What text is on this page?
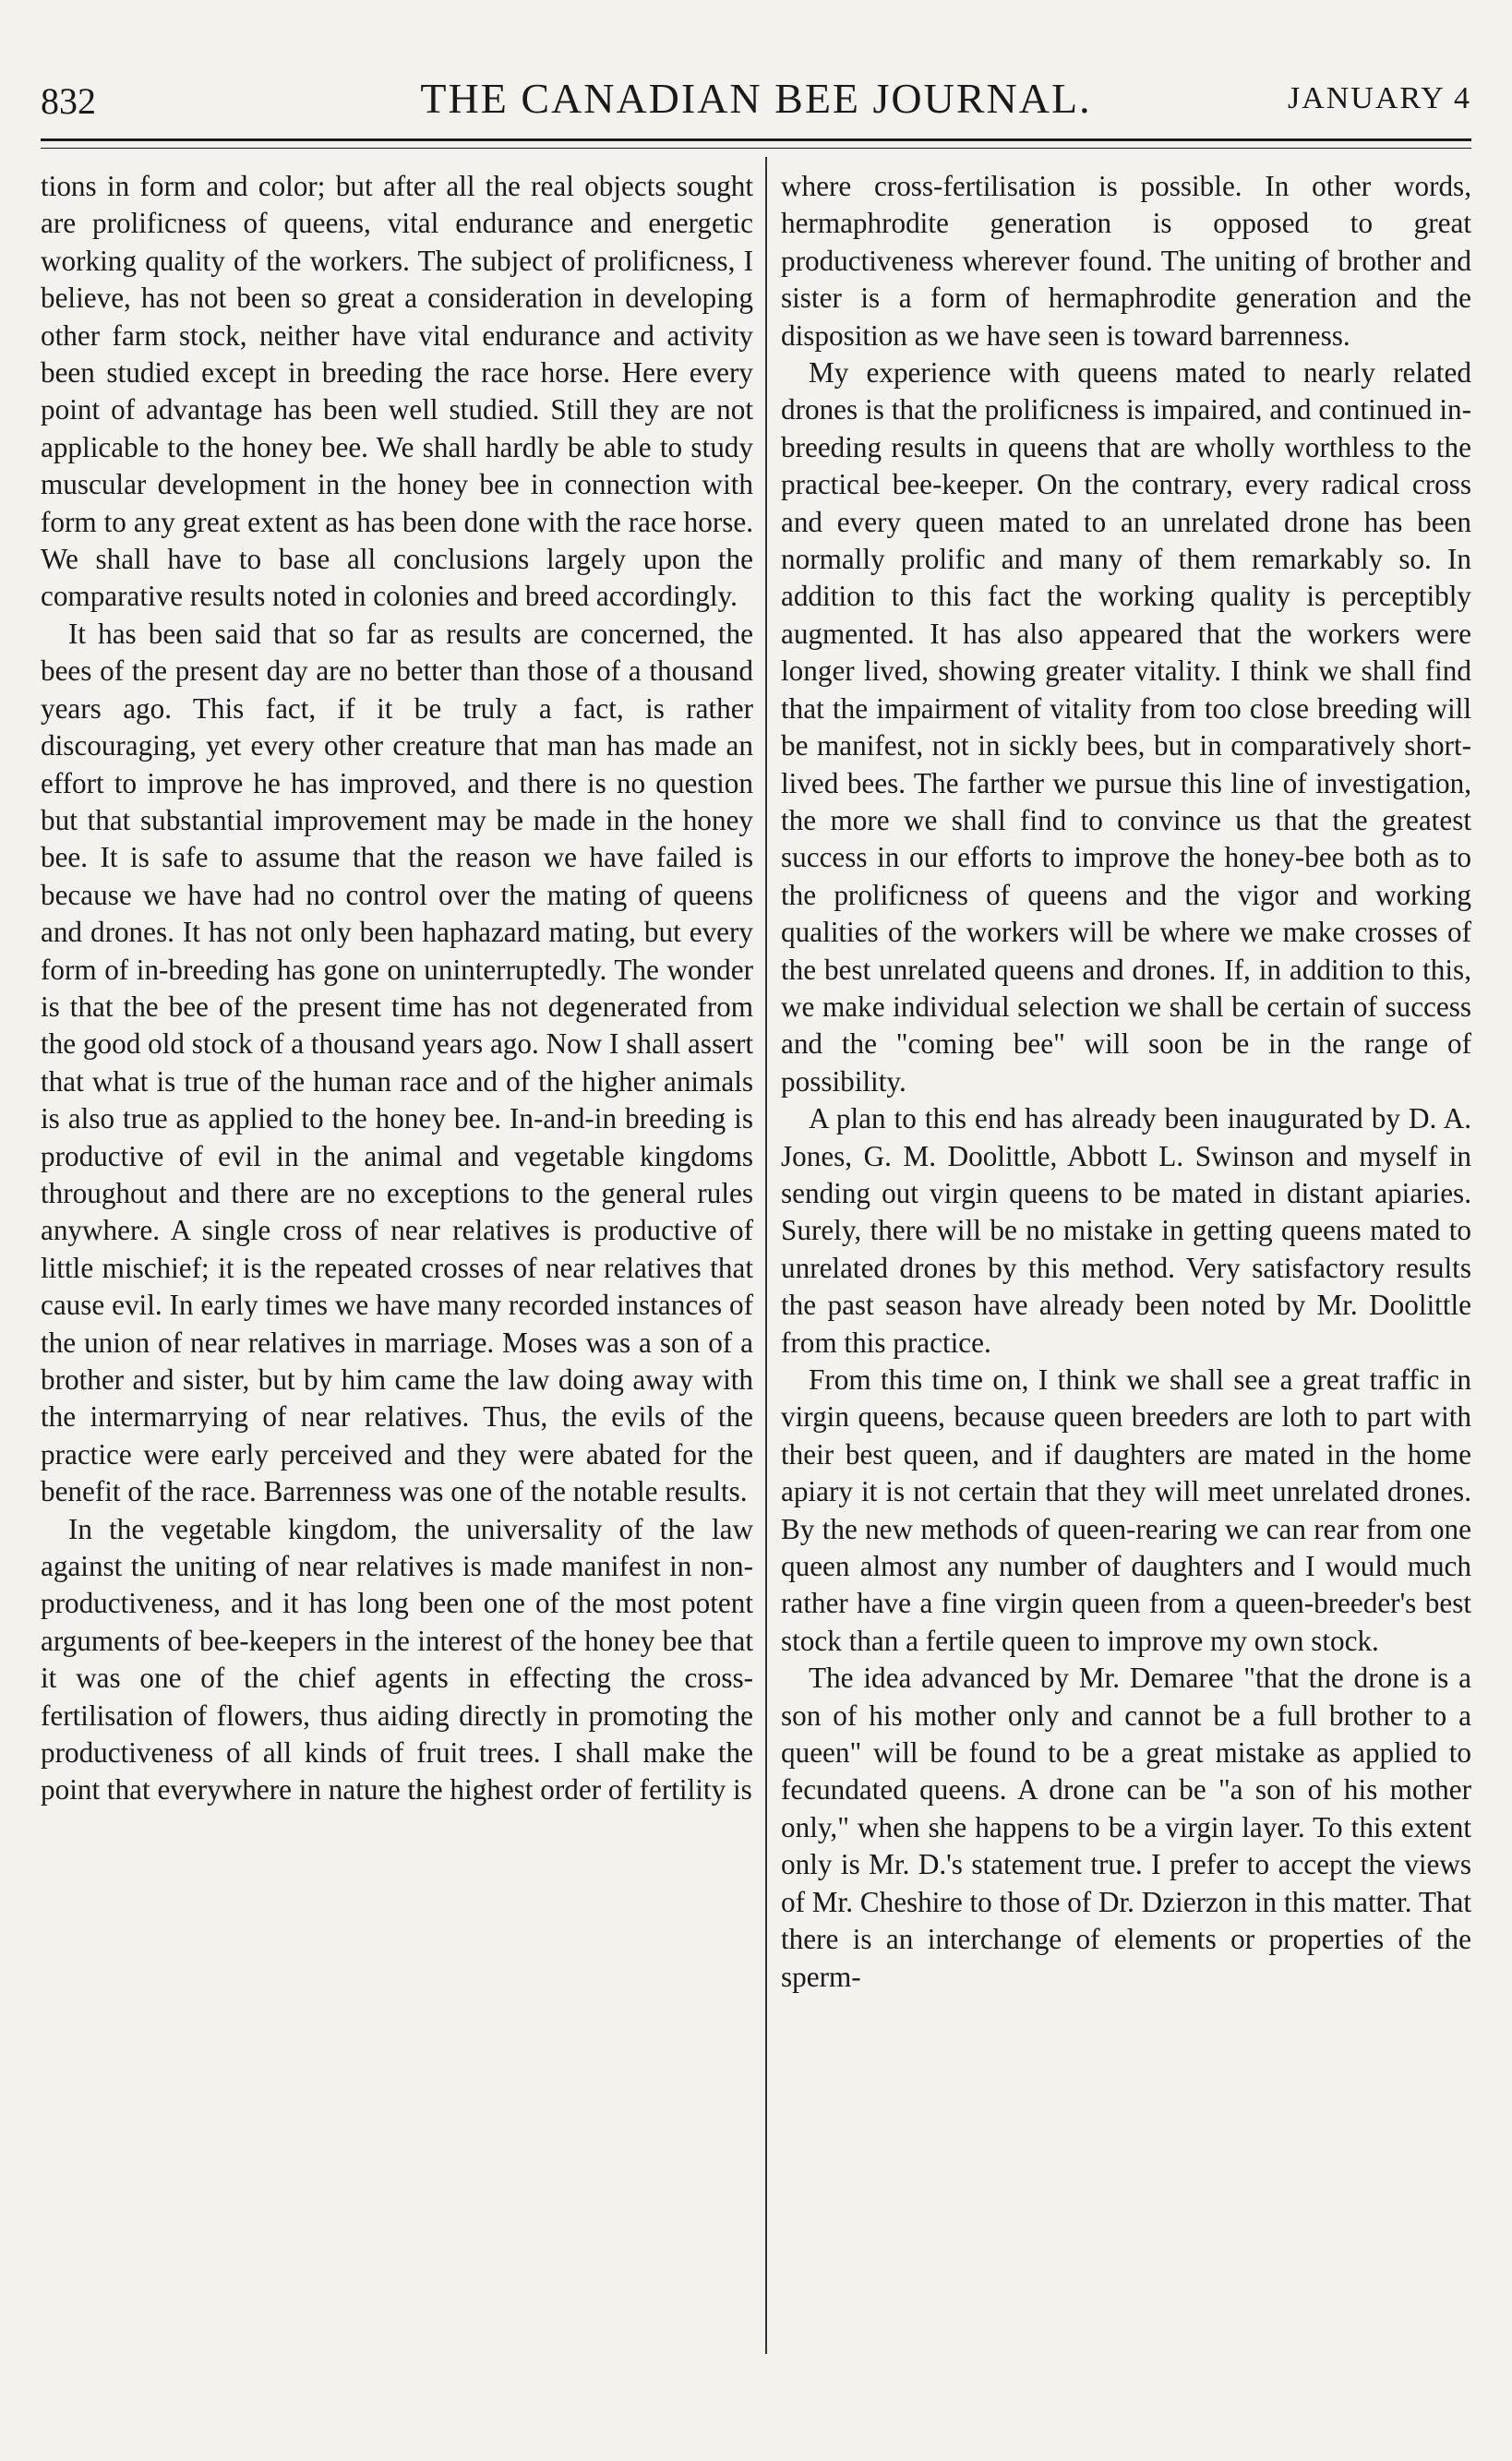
832	THE CANADIAN BEE JOURNAL.	JANUARY 4

tions in form and color; but after all the real objects sought are prolificness of queens, vital endurance and energetic working quality of the workers. The subject of prolificness, I believe, has not been so great a consideration in developing other farm stock, neither have vital endurance and activity been studied except in breeding the race horse. Here every point of advantage has been well studied. Still they are not applicable to the honey bee. We shall hardly be able to study muscular development in the honey bee in connection with form to any great extent as has been done with the race horse. We shall have to base all conclusions largely upon the comparative results noted in colonies and breed accordingly.

It has been said that so far as results are concerned, the bees of the present day are no better than those of a thousand years ago. This fact, if it be truly a fact, is rather discouraging, yet every other creature that man has made an effort to improve he has improved, and there is no question but that substantial improvement may be made in the honey bee. It is safe to assume that the reason we have failed is because we have had no control over the mating of queens and drones. It has not only been haphazard mating, but every form of in-breeding has gone on uninterruptedly. The wonder is that the bee of the present time has not degenerated from the good old stock of a thousand years ago. Now I shall assert that what is true of the human race and of the higher animals is also true as applied to the honey bee. In-and-in breeding is productive of evil in the animal and vegetable kingdoms throughout and there are no exceptions to the general rules anywhere. A single cross of near relatives is productive of little mischief; it is the repeated crosses of near relatives that cause evil. In early times we have many recorded instances of the union of near relatives in marriage. Moses was a son of a brother and sister, but by him came the law doing away with the intermarrying of near relatives. Thus, the evils of the practice were early perceived and they were abated for the benefit of the race. Barrenness was one of the notable results.

In the vegetable kingdom, the universality of the law against the uniting of near relatives is made manifest in non-productiveness, and it has long been one of the most potent arguments of bee-keepers in the interest of the honey bee that it was one of the chief agents in effecting the cross-fertilisation of flowers, thus aiding directly in promoting the productiveness of all kinds of fruit trees. I shall make the point that everywhere in nature the highest order of fertility is

where cross-fertilisation is possible. In other words, hermaphrodite generation is opposed to great productiveness wherever found. The uniting of brother and sister is a form of hermaphrodite generation and the disposition as we have seen is toward barrenness.

My experience with queens mated to nearly related drones is that the prolificness is impaired, and continued in-breeding results in queens that are wholly worthless to the practical bee-keeper. On the contrary, every radical cross and every queen mated to an unrelated drone has been normally prolific and many of them remarkably so. In addition to this fact the working quality is perceptibly augmented. It has also appeared that the workers were longer lived, showing greater vitality. I think we shall find that the impairment of vitality from too close breeding will be manifest, not in sickly bees, but in comparatively short-lived bees. The farther we pursue this line of investigation, the more we shall find to convince us that the greatest success in our efforts to improve the honey-bee both as to the prolificness of queens and the vigor and working qualities of the workers will be where we make crosses of the best unrelated queens and drones. If, in addition to this, we make individual selection we shall be certain of success and the "coming bee" will soon be in the range of possibility.

A plan to this end has already been inaugurated by D. A. Jones, G. M. Doolittle, Abbott L. Swinson and myself in sending out virgin queens to be mated in distant apiaries. Surely, there will be no mistake in getting queens mated to unrelated drones by this method. Very satisfactory results the past season have already been noted by Mr. Doolittle from this practice.

From this time on, I think we shall see a great traffic in virgin queens, because queen breeders are loth to part with their best queen, and if daughters are mated in the home apiary it is not certain that they will meet unrelated drones. By the new methods of queen-rearing we can rear from one queen almost any number of daughters and I would much rather have a fine virgin queen from a queen-breeder's best stock than a fertile queen to improve my own stock.

The idea advanced by Mr. Demaree "that the drone is a son of his mother only and cannot be a full brother to a queen" will be found to be a great mistake as applied to fecundated queens. A drone can be "a son of his mother only," when she happens to be a virgin layer. To this extent only is Mr. D.'s statement true. I prefer to accept the views of Mr. Cheshire to those of Dr. Dzierzon in this matter. That there is an interchange of elements or properties of the sperm-
